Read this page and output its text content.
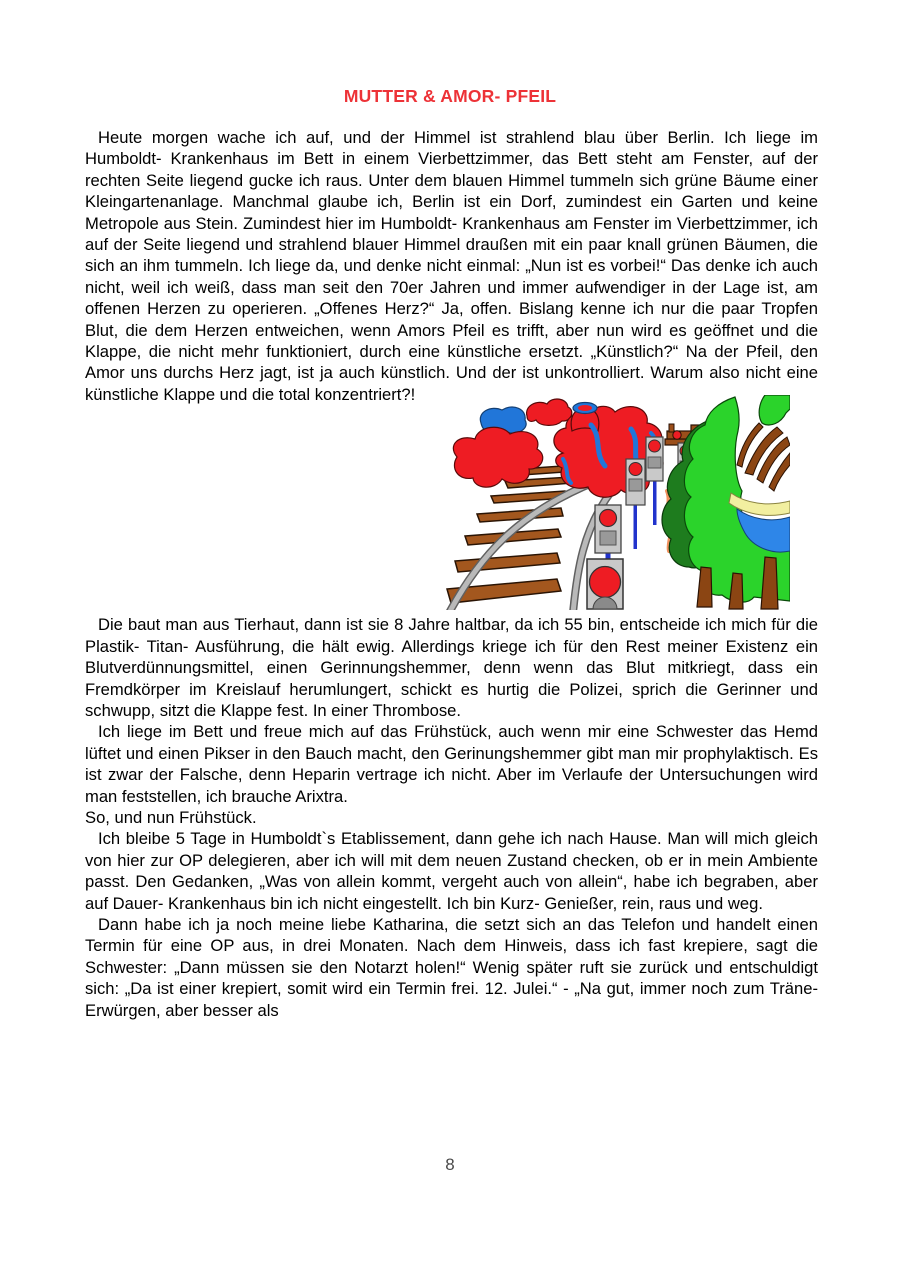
MUTTER & AMOR- PFEIL

Heute morgen wache ich auf, und der Himmel ist strahlend blau über Berlin. Ich liege im Humboldt- Krankenhaus im Bett in einem Vierbettzimmer, das Bett steht am Fenster, auf der rechten Seite liegend gucke ich raus. Unter dem blauen Himmel tummeln sich grüne Bäume einer Kleingartenanlage. Manchmal glaube ich, Berlin ist ein Dorf, zumindest ein Garten und keine Metropole aus Stein. Zumindest hier im Humboldt- Krankenhaus am Fenster im Vierbettzimmer, ich auf der Seite liegend und strahlend blauer Himmel draußen mit ein paar knall grünen Bäumen, die sich an ihm tummeln. Ich liege da, und denke nicht einmal: „Nun ist es vorbei!“ Das denke ich auch nicht, weil ich weiß, dass man seit den 70er Jahren und immer aufwendiger in der Lage ist, am offenen Herzen zu operieren. „Offenes Herz?“ Ja, offen. Bislang kenne ich nur die paar Tropfen Blut, die dem Herzen entweichen, wenn Amors Pfeil es trifft, aber nun wird es geöffnet und die Klappe, die nicht mehr funktioniert, durch eine künstliche ersetzt. „Künstlich?“ Na der Pfeil, den Amor uns durchs Herz jagt, ist ja auch künstlich. Und der ist unkontrolliert. Warum also nicht eine künstliche Klappe und die total konzentriert?!

Die baut man aus Tierhaut, dann ist sie 8 Jahre haltbar, da ich 55 bin, entscheide ich mich für die Plastik- Titan- Ausführung, die hält ewig. Allerdings kriege ich für den Rest meiner Existenz ein Blutverdünnungsmittel, einen Gerinnungshemmer, denn wenn das Blut mitkriegt, dass ein Fremdkörper im Kreislauf herumlungert, schickt es hurtig die Polizei, sprich die Gerinner und schwupp, sitzt die Klappe fest. In einer Thrombose.

Ich liege im Bett und freue mich auf das Frühstück, auch wenn mir eine Schwester das Hemd lüftet und einen Pikser in den Bauch macht, den Gerinungshemmer gibt man mir prophylaktisch. Es ist zwar der Falsche, denn Heparin vertrage ich nicht. Aber im Verlaufe der Untersuchungen wird man feststellen, ich brauche Arixtra.

So, und nun Frühstück.

Ich bleibe 5 Tage in Humboldt`s Etablissement, dann gehe ich nach Hause. Man will mich gleich von hier zur OP delegieren, aber ich will mit dem neuen Zustand checken, ob er in mein Ambiente passt. Den Gedanken, „Was von allein kommt, vergeht auch von allein“, habe ich begraben, aber auf Dauer- Krankenhaus bin ich nicht eingestellt. Ich bin Kurz- Genießer, rein, raus und weg.

Dann habe ich ja noch meine liebe Katharina, die setzt sich an das Telefon und handelt einen Termin für eine OP aus, in drei Monaten. Nach dem Hinweis, dass ich fast krepiere, sagt die Schwester: „Dann müssen sie den Notarzt holen!“ Wenig später ruft sie zurück und entschuldigt sich: „Da ist einer krepiert, somit wird ein Termin frei. 12. Julei.“ - „Na gut, immer noch zum Träne- Erwürgen, aber besser als

8
